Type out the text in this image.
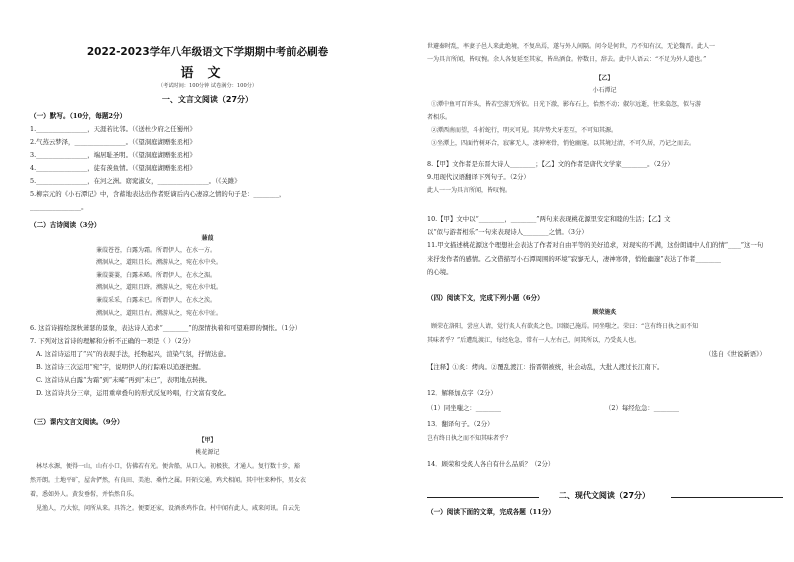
2022-2023学年八年级语文下学期期中考前必刷卷
语文
（考试时间：100分钟 试卷满分：100分）
一、文言文阅读（27分）
（一）默写。（10分，每题2分）
1.________________，天涯若比邻。（《送杜少府之任蜀州》
2.气蒸云梦泽，________________。（《望洞庭湖赠张丞相》
3.________________，端居耻圣明。（《望洞庭湖赠张丞相》
4.________________，徒有羡鱼情。（《望洞庭湖赠张丞相》
5.________________，在河之洲。窈窕淑女，________________。（《关雎》
5.柳宗元的《小石潭记》中，含蓄地表达出作者贬谪后内心凄凉之情的句子是：________，
________________。
（二）古诗阅读（3分）
蒹葭
蒹葭苍苍，白露为霜。所谓伊人，在水一方。
溯洄从之，道阻且长。溯游从之，宛在水中央。
蒹葭萋萋，白露未晞。所谓伊人，在水之湄。
溯洄从之，道阻且跻。溯游从之，宛在水中坻。
蒹葭采采，白露未已。所谓伊人，在水之涘。
溯洄从之，道阻且右。溯游从之，宛在水中沚。
6. 这首诗描绘深秋萧瑟的景象，表达诗人追求“________”的深情执着和可望难即的惆怅。（1分）
7. 下列对这首诗的理解和分析不正确的一项是（ ）（2分）
A. 这首诗运用了“兴”的表现手法，托物起兴，渲染气氛，抒情达意。
B. 这首诗三次运用“宛”字，说明伊人的行踪难以追逐把握。
C. 这首诗从白露“为霜”到“未晞”再到“未已”，表明地点转换。
D. 这首诗共分三章，运用重章叠句的形式反复吟唱，行文富有变化。
（三）课内文言文阅读。（9分）
【甲】
桃花源记
林尽水源，便得一山，山有小口，仿佛若有光。便舍船，从口入。初极狭，才通人。复行数十步，豁
然开朗。土地平旷，屋舍俨然，有良田、美池、桑竹之属。阡陌交通，鸡犬相闻。其中往来种作，男女衣
着，悉如外人。黄发垂髫，并怡然自乐。
见渔人，乃大惊，问所从来。具答之。便要还家，设酒杀鸡作食。村中闻有此人，咸来问讯。自云先
世避秦时乱，率妻子邑人来此绝境，不复出焉，遂与外人间隔。问今是何世，乃不知有汉，无论魏晋。此人一
一为具言所闻，皆叹惋。余人各复延至其家，皆出酒食。停数日，辞去。此中人语云：“不足为外人道也。”
【乙】
小石潭记
①潭中鱼可百许头，皆若空游无所依。日光下澈，影布石上，佁然不动；俶尔远逝，往来翕忽，似与游
者相乐。
②潭西南而望，斗折蛇行，明灭可见。其岸势犬牙差互，不可知其源。
③坐潭上，四面竹树环合，寂寥无人，凄神寒骨，悄怆幽邃。以其境过清，不可久居，乃记之而去。
8.【甲】文作者是东晋大诗人________；【乙】文的作者是唐代文学家________。（2分）
9.用现代汉语翻译下列句子。（2分）
此人一一为具言所闻，皆叹惋。
10.【甲】文中以“________，________”两句来表现桃花源里安定和睦的生活；【乙】文
以“似与游者相乐”一句来表现诗人________之情。（3分）
11.甲文描述桃花源这个理想社会表达了作者对自由平等的美好追求，对现实的不满，这份朗诵中人们的情“____”这一句
来抒发作者的感情。乙文借描写小石潭周围的环境“寂寥无人，凄神寒骨，悄怆幽邃”表达了作者________
的心境。
（四）阅读下文，完成下列小题（6分）
顾荣施炙
顾荣在洛阳，尝应人请，觉行炙人有欲炙之色，因辍己施焉。同坐嗤之。荣曰：“岂有终日执之而不知
其味者乎？”后遭乱渡江，每经危急，常有一人左右己，问其所以，乃受炙人也。
（选自《世说新语》）
【注释】①炙：烤肉。②覆乱渡江：指晋朝被统，社会动乱，大批人渡过长江南下。
12．解释加点字（2分）
（1）同坐嗤之：________	（2）每经危急：________
13．翻译句子。（2分）
岂有终日执之而不知其味者乎？
14．顾荣和受炙人各自有什么品质？（2分）
二、现代文阅读（27分）
（一）阅读下面的文章，完成各题（11分）
